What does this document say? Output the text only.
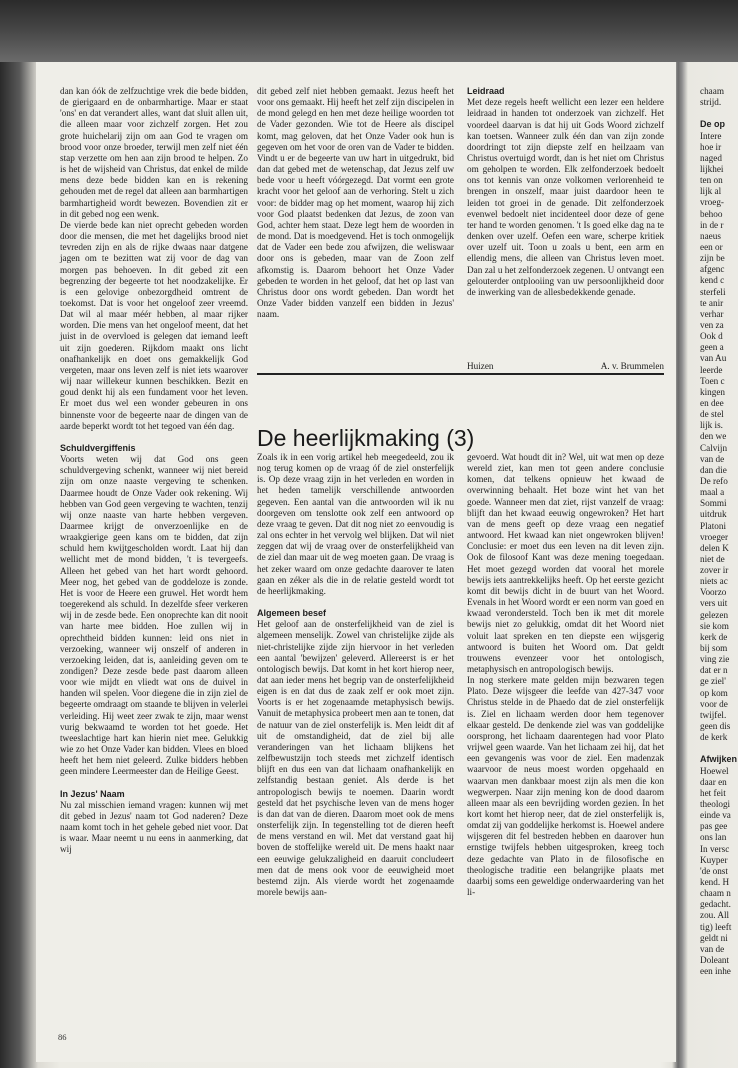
dan kan óók de zelfzuchtige vrek die bede bidden, de gierigaard en de onbarmhartige. Maar er staat 'ons' en dat verandert alles, want dat sluit allen uit, die alleen maar voor zichzelf zorgen. Het zou grote huichelarij zijn om aan God te vragen om brood voor onze broeder, terwijl men zelf niet één stap verzette om hen aan zijn brood te helpen. Zo is het de wijsheid van Christus, dat enkel de milde mens deze bede bidden kan en is rekening gehouden met de regel dat alleen aan barmhartigen barmhartigheid wordt bewezen. Bovendien zit er in dit gebed nog een wenk.

De vierde bede kan niet oprecht gebeden worden door die mensen, die met het dagelijks brood niet tevreden zijn en als de rijke dwaas naar datgene jagen om te bezitten wat zij voor de dag van morgen pas behoeven. In dit gebed zit een begrenzing der begeerte tot het noodzakelijke. Er is een gelovige onbezorgdheid omtrent de toekomst. Dat is voor het ongeloof zeer vreemd. Dat wil al maar méér hebben, al maar rijker worden. Die mens van het ongeloof meent, dat het juist in de overvloed is gelegen dat iemand leeft uit zijn goederen. Rijkdom maakt ons licht onafhankelijk en doet ons gemakkelijk God vergeten, maar ons leven zelf is niet iets waarover wij naar willekeur kunnen beschikken. Bezit en goud denkt hij als een fundament voor het leven. Er moet dus wel een wonder gebeuren in ons binnenste voor de begeerte naar de dingen van de aarde beperkt wordt tot het tegoed van één dag.

Schuldvergiffenis

Voorts weten wij dat God ons geen schuldvergeving schenkt, wanneer wij niet bereid zijn om onze naaste vergeving te schenken. Daarmee houdt de Onze Vader ook rekening. Wij hebben van God geen vergeving te wachten, tenzij wij onze naaste van harte hebben vergeven. Daarmee krijgt de onverzoenlijke en de wraakgierige geen kans om te bidden, dat zijn schuld hem kwijtgescholden wordt. Laat hij dan wellicht met de mond bidden, 't is tevergeefs. Alleen het gebed van het hart wordt gehoord. Meer nog, het gebed van de goddeloze is zonde. Het is voor de Heere een gruwel. Het wordt hem toegerekend als schuld. In dezelfde sfeer verkeren wij in de zesde bede. Een onoprechte kan dit nooit van harte mee bidden. Hoe zullen wij in oprechtheid bidden kunnen: leid ons niet in verzoeking, wanneer wij onszelf of anderen in verzoeking leiden, dat is, aanleiding geven om te zondigen? Deze zesde bede past daarom alleen voor wie mijdt en vliedt wat ons de duivel in handen wil spelen. Voor diegene die in zijn ziel de begeerte omdraagt om staande te blijven in velerlei verleiding. Hij weet zeer zwak te zijn, maar wenst vurig bekwaamd te worden tot het goede. Het tweeslachtige hart kan hierin niet mee. Gelukkig wie zo het Onze Vader kan bidden. Vlees en bloed heeft het hem niet geleerd. Zulke bidders hebben geen mindere Leermeester dan de Heilige Geest.

In Jezus' Naam

Nu zal misschien iemand vragen: kunnen wij met dit gebed in Jezus' naam tot God naderen? Deze naam komt toch in het gehele gebed niet voor. Dat is waar. Maar neemt u nu eens in aanmerking, dat wij

dit gebed zelf niet hebben gemaakt. Jezus heeft het voor ons gemaakt. Hij heeft het zelf zijn discipelen in de mond gelegd en hen met deze heilige woorden tot de Vader gezonden. Wie tot de Heere als discipel komt, mag geloven, dat het Onze Vader ook hun is gegeven om het voor de oren van de Vader te bidden. Vindt u er de begeerte van uw hart in uitgedrukt, bid dan dat gebed met de wetenschap, dat Jezus zelf uw bede voor u heeft vóórgezegd. Dat vormt een grote kracht voor het geloof aan de verhoring. Stelt u zich voor: de bidder mag op het moment, waarop hij zich voor God plaatst bedenken dat Jezus, de zoon van God, achter hem staat. Deze legt hem de woorden in de mond. Dat is moedgevend. Het is toch onmogelijk dat de Vader een bede zou afwijzen, die weliswaar door ons is gebeden, maar van de Zoon zelf afkomstig is. Daarom behoort het Onze Vader gebeden te worden in het geloof, dat het op last van Christus door ons wordt gebeden. Dan wordt het Onze Vader bidden vanzelf een bidden in Jezus' naam.

Leidraad

Met deze regels heeft wellicht een lezer een heldere leidraad in handen tot onderzoek van zichzelf. Het voordeel daarvan is dat hij uit Gods Woord zichzelf kan toetsen. Wanneer zulk één dan van zijn zonde doordringt tot zijn diepste zelf en heilzaam van Christus overtuigd wordt, dan is het niet om Christus om geholpen te worden. Elk zelfonderzoek bedoelt ons tot kennis van onze volkomen verlorenheid te brengen in onszelf, maar juist daardoor heen te leiden tot groei in de genade. Dit zelfonderzoek evenwel bedoelt niet incidenteel door deze of gene ter hand te worden genomen. 't Is goed elke dag na te denken over uzelf. Oefen een ware, scherpe kritiek over uzelf uit. Toon u zoals u bent, een arm en ellendig mens, die alleen van Christus leven moet. Dan zal u het zelfonderzoek zegenen. U ontvangt een gelouterder ontplooiing van uw persoonlijkheid door de inwerking van de allesbedekkende genade.

Huizen	A. v. Brummelen
De heerlijkmaking (3)

Zoals ik in een vorig artikel heb meegedeeld, zou ik nog terug komen op de vraag óf de ziel onsterfelijk is. Op deze vraag zijn in het verleden en worden in het heden tamelijk verschillende antwoorden gegeven. Een aantal van die antwoorden wil ik nu doorgeven om tenslotte ook zelf een antwoord op deze vraag te geven. Dat dit nog niet zo eenvoudig is zal ons echter in het vervolg wel blijken. Dat wil niet zeggen dat wij de vraag over de onsterfelijkheid van de ziel dan maar uit de weg moeten gaan. De vraag is het zeker waard om onze gedachte daarover te laten gaan en zéker als die in de relatie gesteld wordt tot de heerlijkmaking.

Algemeen besef

Het geloof aan de onsterfelijkheid van de ziel is algemeen menselijk. Zowel van christelijke zijde als niet-christelijke zijde zijn hiervoor in het verleden een aantal 'bewijzen' geleverd. Allereerst is er het ontologisch bewijs. Dat komt in het kort hierop neer, dat aan ieder mens het begrip van de onsterfelijkheid eigen is en dat dus de zaak zelf er ook moet zijn. Voorts is er het zogenaamde metaphysisch bewijs. Vanuit de metaphysica probeert men aan te tonen, dat de natuur van de ziel onsterfelijk is. Men leidt dit af uit de omstandigheid, dat de ziel bij alle veranderingen van het lichaam blijkens het zelfbewustzijn toch steeds met zichzelf identisch blijft en dus een van dat lichaam onafhankelijk en zelfstandig bestaan geniet. Als derde is het antropologisch bewijs te noemen. Daarin wordt gesteld dat het psychische leven van de mens hoger is dan dat van de dieren. Daarom moet ook de mens onsterfelijk zijn. In tegenstelling tot de dieren heeft de mens verstand en wil. Met dat verstand gaat hij boven de stoffelijke wereld uit. De mens haakt naar een eeuwige gelukzaligheid en daaruit concludeert men dat de mens ook voor de eeuwigheid moet bestemd zijn. Als vierde wordt het zogenaamde morele bewijs aan-

gevoerd. Wat houdt dit in? Wel, uit wat men op deze wereld ziet, kan men tot geen andere conclusie komen, dat telkens opnieuw het kwaad de overwinning behaalt. Het boze wint het van het goede. Wanneer men dat ziet, rijst vanzelf de vraag: blijft dan het kwaad eeuwig ongewroken? Het hart van de mens geeft op deze vraag een negatief antwoord. Het kwaad kan niet ongewroken blijven! Conclusie: er moet dus een leven na dit leven zijn. Ook de filosoof Kant was deze mening toegedaan. Het moet gezegd worden dat vooral het morele bewijs iets aantrekkelijks heeft. Op het eerste gezicht komt dit bewijs dicht in de buurt van het Woord. Evenals in het Woord wordt er een norm van goed en kwaad verondersteld. Toch ben ik met dit morele bewijs niet zo gelukkig, omdat dit het Woord niet voluit laat spreken en ten diepste een wijsgerig antwoord is buiten het Woord om. Dat geldt trouwens evenzeer voor het ontologisch, metaphysisch en antropologisch bewijs.

In nog sterkere mate gelden mijn bezwaren tegen Plato. Deze wijsgeer die leefde van 427-347 voor Christus stelde in de Phaedo dat de ziel onsterfelijk is. Ziel en lichaam werden door hem tegenover elkaar gesteld. De denkende ziel was van goddelijke oorsprong, het lichaam daarentegen had voor Plato vrijwel geen waarde. Van het lichaam zei hij, dat het een gevangenis was voor de ziel. Een madenzak waarvoor de neus moest worden opgehaald en waarvan men dankbaar moest zijn als men die kon wegwerpen. Naar zijn mening kon de dood daarom alleen maar als een bevrijding worden gezien. In het kort komt het hierop neer, dat de ziel onsterfelijk is, omdat zij van goddelijke herkomst is. Hoewel andere wijsgeren dit fel bestreden hebben en daarover hun ernstige twijfels hebben uitgesproken, kreeg toch deze gedachte van Plato in de filosofische en theologische traditie een belangrijke plaats met daarbij soms een geweldige onderwaardering van het li-

chaam
strijd.
De op
Intere
hoe ir
naged
lijkhei
ten on
lijk al
vroeg-
behoo
in de r
naeus
een or
zijn be
afgenc
kend c
sterfeli
te anir
verhar
ven za
Ook d
geen a
van Au
leerde
Toen c
kingen
en dee
de stel
lijk is.
den we
Calvijn
van de
dan die
De refo
maal a
Sommi
uitdruk
Platoni
vroeger
delen K
niet de
zover ir
niets ac
Voorzo
vers uit
gelezen
sie kom
kerk de
bij som
ving zie
dat er n
ge ziel'
op kom
voor de
twijfel.
geen dis
de kerk
Afwijken
Hoewel
daar en
het feit
theologi
einde va
pas gee
ons lan
In versc
Kuyper
'de onst
kend. H
chaam n
gedacht.
zou. All
tig) leeft
geldt ni
van de
Doleant
een inhe
86
